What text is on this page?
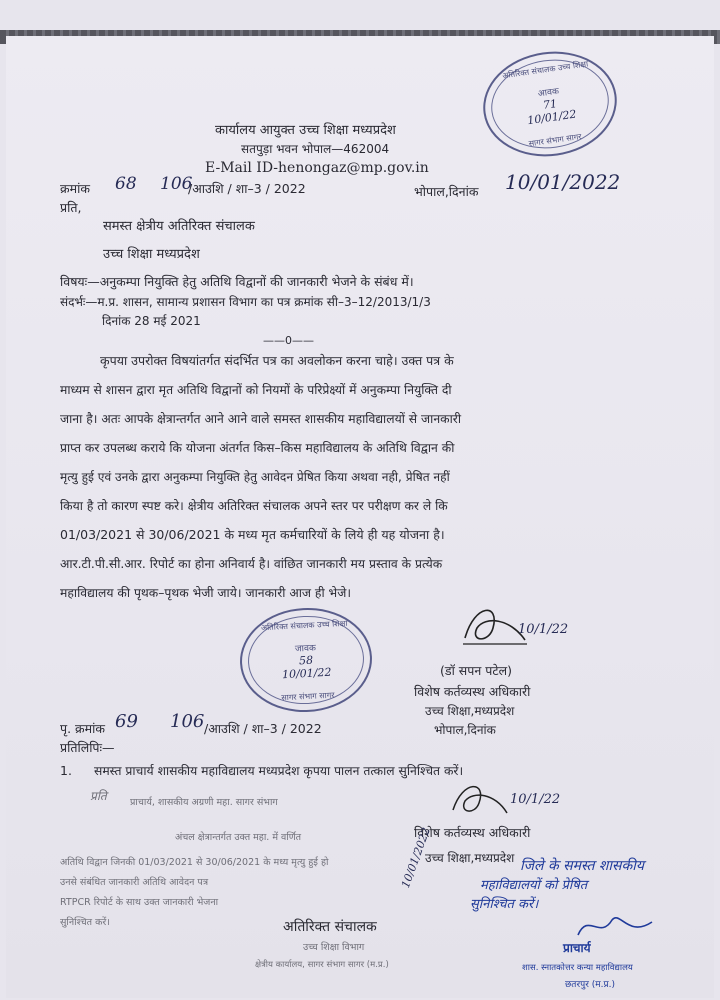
कार्यालय आयुक्त उच्च शिक्षा मध्यप्रदेश
सतपुड़ा भवन भोपाल—462004
E-Mail ID-henongaz@mp.gov.in
क्रमांक 68 106
/आउशि / शा–3 / 2022	भोपाल,दिनांक 10/01/2022
प्रति,
समस्त क्षेत्रीय अतिरिक्त संचालक
उच्च शिक्षा मध्यप्रदेश
विषयः—अनुकम्पा नियुक्ति हेतु अतिथि विद्वानों की जानकारी भेजने के संबंध में।
संदर्भः—म.प्र. शासन, सामान्य प्रशासन विभाग का पत्र क्रमांक सी–3–12/2013/1/3
दिनांक 28 मई 2021
——0——
कृपया उपरोक्त विषयांतर्गत संदर्भित पत्र का अवलोकन करना चाहे। उक्त पत्र के
माध्यम से शासन द्वारा मृत अतिथि विद्वानों को नियमों के परिप्रेक्ष्यों में अनुकम्पा नियुक्ति दी
जाना है। अतः आपके क्षेत्रान्तर्गत आने आने वाले समस्त शासकीय महाविद्यालयों से जानकारी
प्राप्त कर उपलब्ध कराये कि योजना अंतर्गत किस–किस महाविद्यालय के अतिथि विद्वान की
मृत्यु हुई एवं उनके द्वारा अनुकम्पा नियुक्ति हेतु आवेदन प्रेषित किया अथवा नही, प्रेषित नहीं
किया है तो कारण स्पष्ट करे। क्षेत्रीय अतिरिक्त संचालक अपने स्तर पर परीक्षण कर ले कि
01/03/2021 से 30/06/2021 के मध्य मृत कर्मचारियों के लिये ही यह योजना है।
आर.टी.पी.सी.आर. रिपोर्ट का होना अनिवार्य है। वांछित जानकारी मय प्रस्ताव के प्रत्येक
महाविद्यालय की पृथक–पृथक भेजी जाये। जानकारी आज ही भेजे।
अतिरिक्त संचालक उच्च शिक्षा
आवक
71
10/01/22
सागर संभाग सागर
अतिरिक्त संचालक उच्च शिक्षा
जावक
58
10/01/22
सागर संभाग सागर
10/1/22
(डॉ सपन पटेल)
विशेष कर्तव्यस्थ अधिकारी
उच्च शिक्षा,मध्यप्रदेश
भोपाल,दिनांक
पृ. क्रमांक 69 106 /आउशि / शा–3 / 2022
प्रतिलिपिः—
1. समस्त प्राचार्य शासकीय महाविद्यालय मध्यप्रदेश कृपया पालन तत्काल सुनिश्चित करें।
10/1/22
विशेष कर्तव्यस्थ अधिकारी
उच्च शिक्षा,मध्यप्रदेश
प्रति प्राचार्य, शासकीय अग्रणी महा. सागर संभाग
अंचल क्षेत्रान्तर्गत उक्त महा. में वर्णित
अतिथि विद्वान जिनकी 01/03/2021 से 30/06/2021 के मध्य मृत्यु हुई हो
उनसे संबंधित जानकारी अतिथि आवेदन पत्र
RTPCR रिपोर्ट के साथ उक्त जानकारी भेजना
सुनिश्चित करें।	अतिरिक्त संचालक
उच्च शिक्षा विभाग
क्षेत्रीय कार्यालय, सागर संभाग सागर (म.प्र.)
10/01/2022	जिले के समस्त शासकीय
महाविद्यालयों को प्रेषित
सुनिश्चित करें।
प्राचार्य
शास. स्नातकोत्तर कन्या महाविद्यालय
छतरपुर (म.प्र.)
